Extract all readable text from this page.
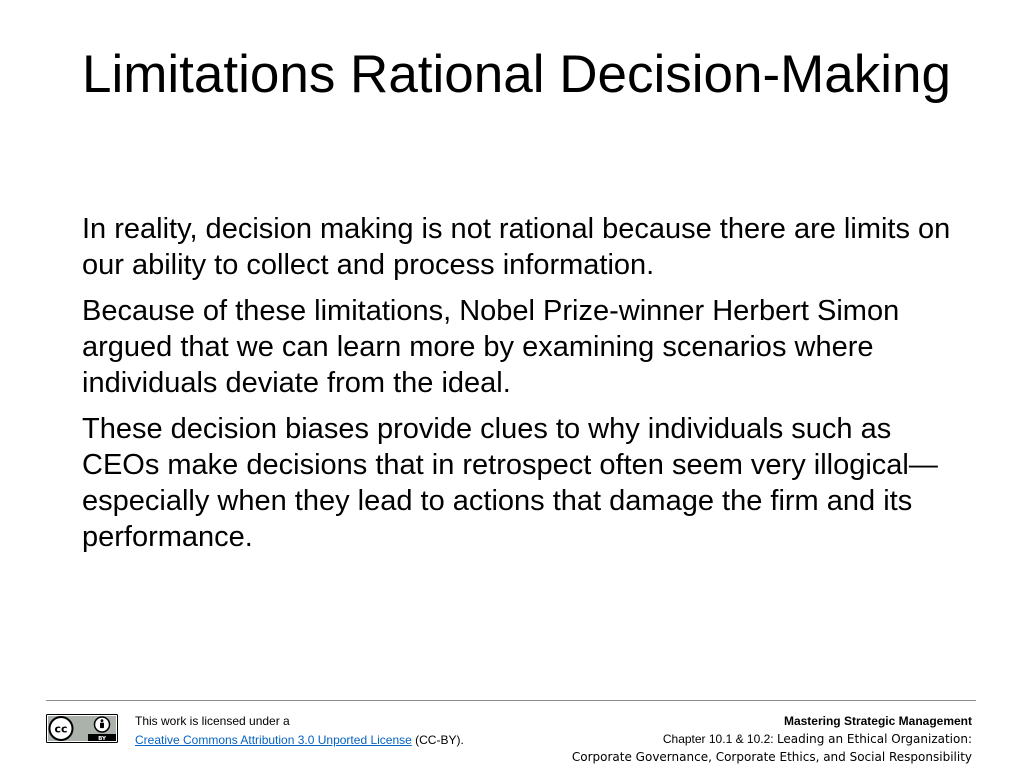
Limitations Rational Decision-Making

In reality, decision making is not rational because there are limits on our ability to collect and process information.

Because of these limitations, Nobel Prize-winner Herbert Simon argued that we can learn more by examining scenarios where individuals deviate from the ideal.

These decision biases provide clues to why individuals such as CEOs make decisions that in retrospect often seem very illogical— especially when they lead to actions that damage the firm and its performance.

cc
BY
This work is licensed under a
Creative Commons Attribution 3.0 Unported License (CC-BY).
Mastering Strategic Management
Chapter 10.1 & 10.2: Leading an Ethical Organization:
Corporate Governance, Corporate Ethics, and Social Responsibility
